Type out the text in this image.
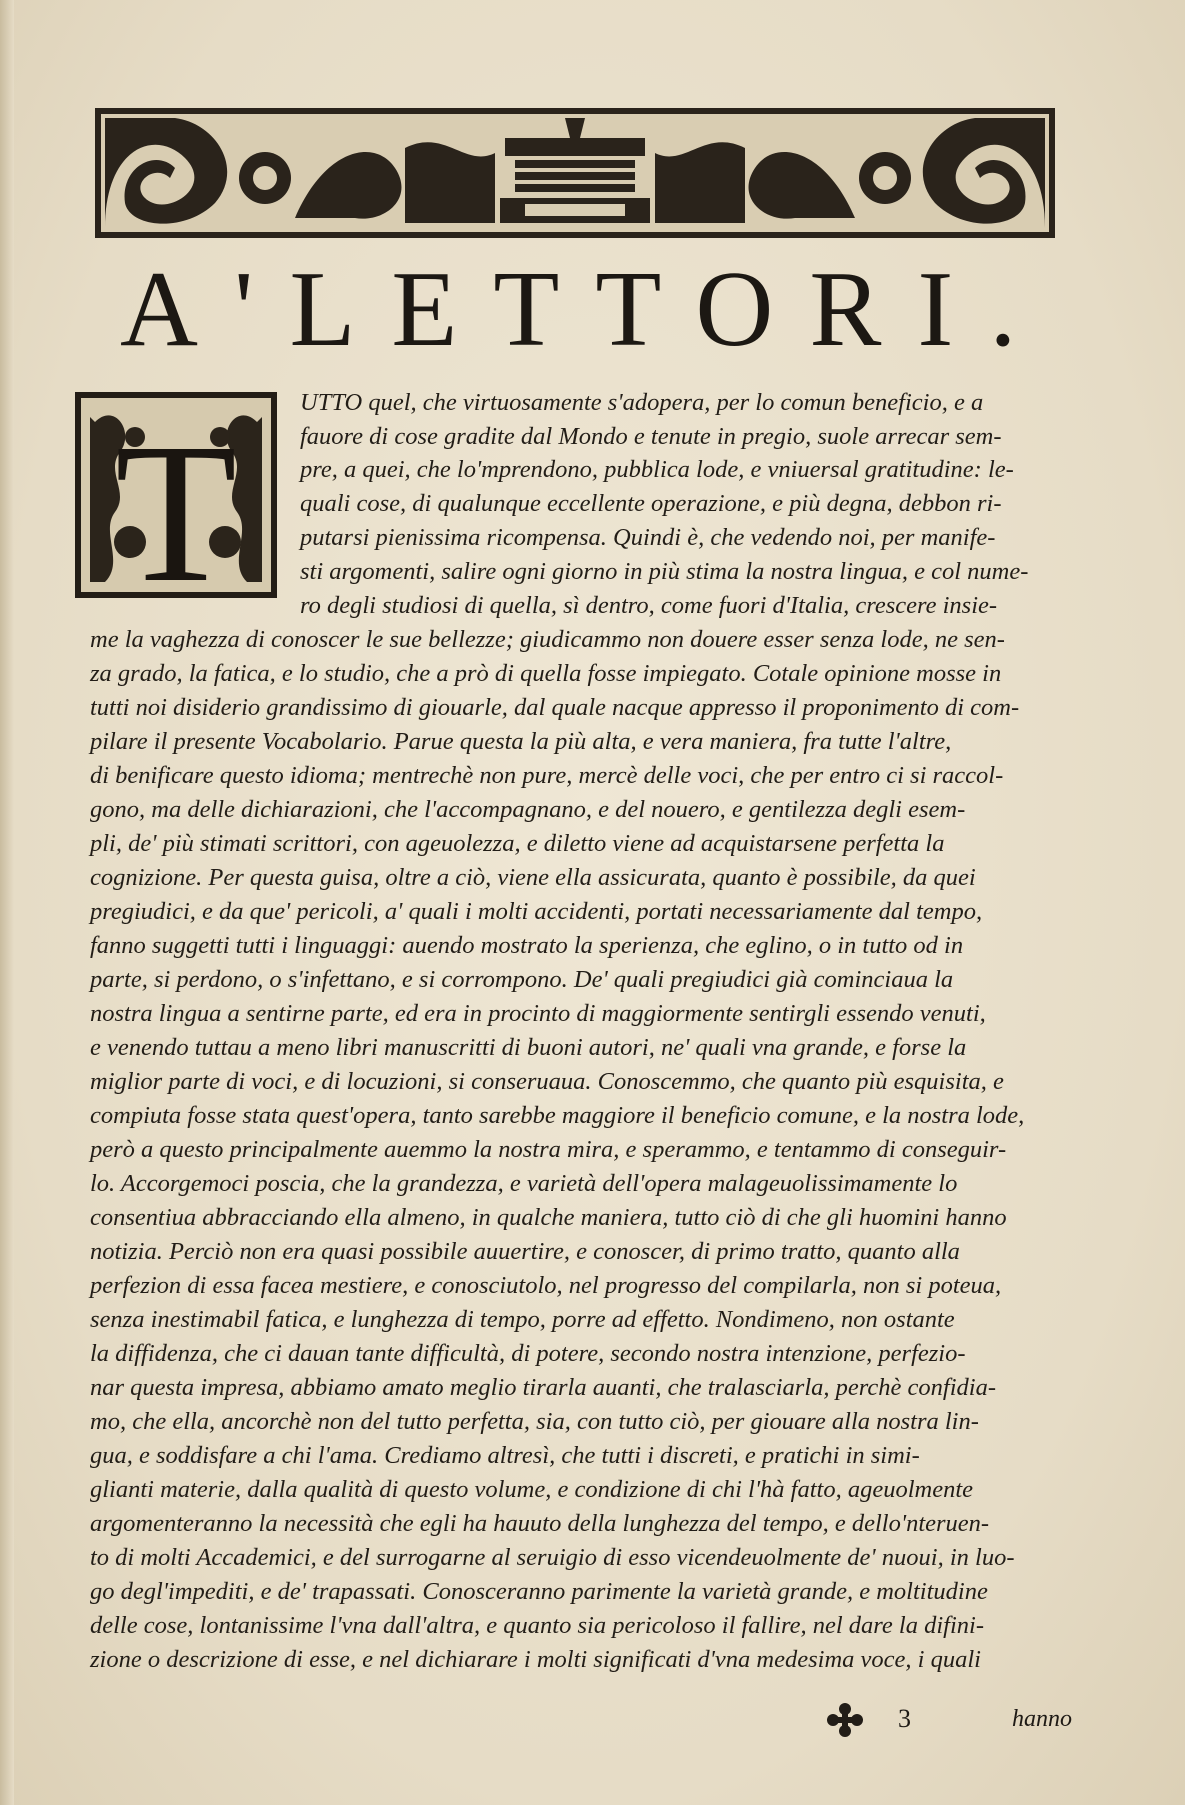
A'LETTORI.
T

UTTO quel, che virtuosamente s'adopera, per lo comun beneficio, e a

fauore di cose gradite dal Mondo e tenute in pregio, suole arrecar sem-

pre, a quei, che lo'mprendono, pubblica lode, e vniuersal gratitudine: le-

quali cose, di qualunque eccellente operazione, e più degna, debbon ri-

putarsi pienissima ricompensa. Quindi è, che vedendo noi, per manife-

sti argomenti, salire ogni giorno in più stima la nostra lingua, e col nume-

ro degli studiosi di quella, sì dentro, come fuori d'Italia, crescere insie-

me la vaghezza di conoscer le sue bellezze; giudicammo non douere esser senza lode, ne sen-

za grado, la fatica, e lo studio, che a prò di quella fosse impiegato. Cotale opinione mosse in

tutti noi disiderio grandissimo di giouarle, dal quale nacque appresso il proponimento di com-

pilare il presente Vocabolario. Parue questa la più alta, e vera maniera, fra tutte l'altre,

di benificare questo idioma; mentrechè non pure, mercè delle voci, che per entro ci si raccol-

gono, ma delle dichiarazioni, che l'accompagnano, e del nouero, e gentilezza degli esem-

pli, de' più stimati scrittori, con ageuolezza, e diletto viene ad acquistarsene perfetta la

cognizione. Per questa guisa, oltre a ciò, viene ella assicurata, quanto è possibile, da quei

pregiudici, e da que' pericoli, a' quali i molti accidenti, portati necessariamente dal tempo,

fanno suggetti tutti i linguaggi: auendo mostrato la sperienza, che eglino, o in tutto od in

parte, si perdono, o s'infettano, e si corrompono. De' quali pregiudici già cominciaua la

nostra lingua a sentirne parte, ed era in procinto di maggiormente sentirgli essendo venuti,

e venendo tuttau a meno libri manuscritti di buoni autori, ne' quali vna grande, e forse la

miglior parte di voci, e di locuzioni, si conseruaua. Conoscemmo, che quanto più esquisita, e

compiuta fosse stata quest'opera, tanto sarebbe maggiore il beneficio comune, e la nostra lode,

però a questo principalmente auemmo la nostra mira, e sperammo, e tentammo di conseguir-

lo. Accorgemoci poscia, che la grandezza, e varietà dell'opera malageuolissimamente lo

consentiua abbracciando ella almeno, in qualche maniera, tutto ciò di che gli huomini hanno

notizia. Perciò non era quasi possibile auuertire, e conoscer, di primo tratto, quanto alla

perfezion di essa facea mestiere, e conosciutolo, nel progresso del compilarla, non si poteua,

senza inestimabil fatica, e lunghezza di tempo, porre ad effetto. Nondimeno, non ostante

la diffidenza, che ci dauan tante difficultà, di potere, secondo nostra intenzione, perfezio-

nar questa impresa, abbiamo amato meglio tirarla auanti, che tralasciarla, perchè confidia-

mo, che ella, ancorchè non del tutto perfetta, sia, con tutto ciò, per giouare alla nostra lin-

gua, e soddisfare a chi l'ama. Crediamo altresì, che tutti i discreti, e pratichi in simi-

glianti materie, dalla qualità di questo volume, e condizione di chi l'hà fatto, ageuolmente

argomenteranno la necessità che egli ha hauuto della lunghezza del tempo, e dello'nteruen-

to di molti Accademici, e del surrogarne al seruigio di esso vicendeuolmente de' nuoui, in luo-

go degl'impediti, e de' trapassati. Conosceranno parimente la varietà grande, e moltitudine

delle cose, lontanissime l'vna dall'altra, e quanto sia pericoloso il fallire, nel dare la difini-

zione o descrizione di esse, e nel dichiarare i molti significati d'vna medesima voce, i quali

3	hanno
